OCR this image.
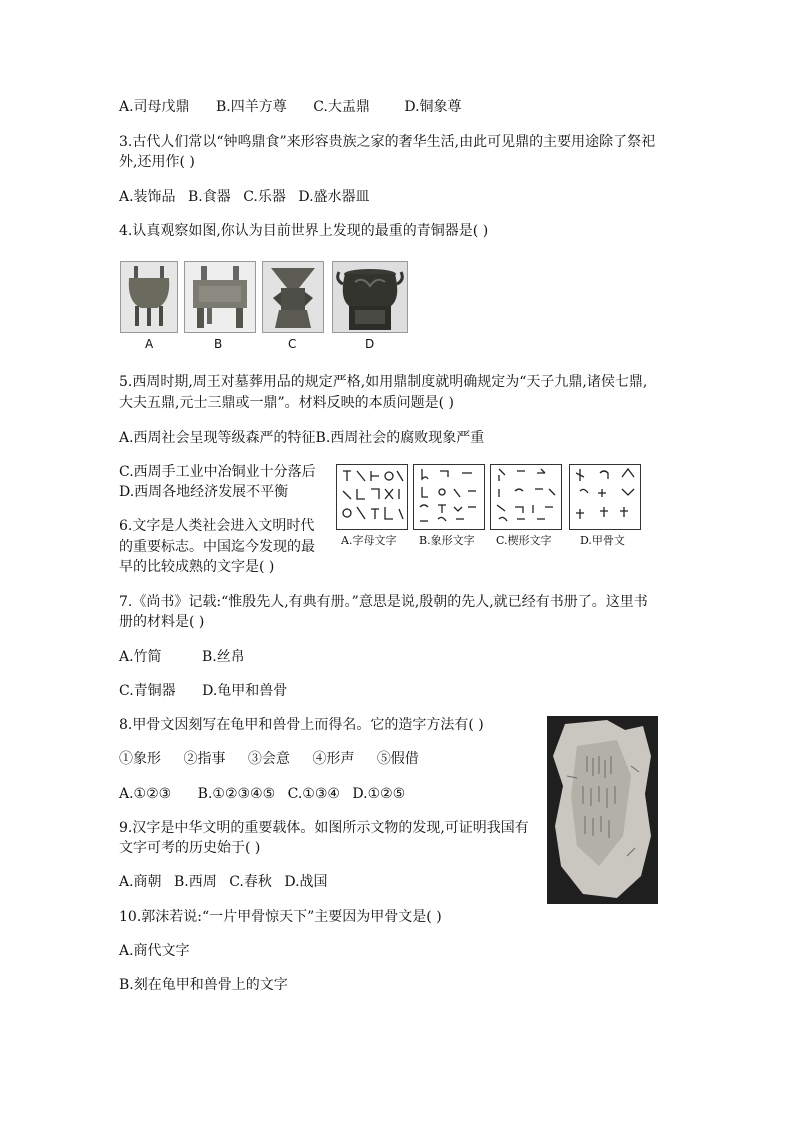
A.司母戊鼎 B.四羊方尊 C.大盂鼎 D.铜象尊
3.古代人们常以“钟鸣鼎食”来形容贵族之家的奢华生活,由此可见鼎的主要用途除了祭祀
外,还用作( )
A.装饰品 B.食器 C.乐器 D.盛水器皿
4.认真观察如图,你认为目前世界上发现的最重的青铜器是( )
A	B	C	D
5.西周时期,周王对墓葬用品的规定严格,如用鼎制度就明确规定为“天子九鼎,诸侯七鼎,
大夫五鼎,元士三鼎或一鼎”。材料反映的本质问题是( )
A.西周社会呈现等级森严的特征B.西周社会的腐败现象严重
C.西周手工业中冶铜业十分落后
D.西周各地经济发展不平衡
6.文字是人类社会进入文明时代
的重要标志。中国迄今发现的最
早的比较成熟的文字是( )
A.字母文字 B.象形文字 C.楔形文字	D.甲骨文
7.《尚书》记载:“惟殷先人,有典有册。”意思是说,殷朝的先人,就已经有书册了。这里书
册的材料是( )
A.竹简	B.丝帛
C.青铜器 D.龟甲和兽骨
8.甲骨文因刻写在龟甲和兽骨上而得名。它的造字方法有( )
①象形 ②指事 ③会意 ④形声 ⑤假借
A.①②③ B.①②③④⑤ C.①③④ D.①②⑤
9.汉字是中华文明的重要载体。如图所示文物的发现,可证明我国有
文字可考的历史始于( )
A.商朝 B.西周 C.春秋 D.战国
10.郭沫若说:“一片甲骨惊天下”主要因为甲骨文是( )
A.商代文字
B.刻在龟甲和兽骨上的文字
